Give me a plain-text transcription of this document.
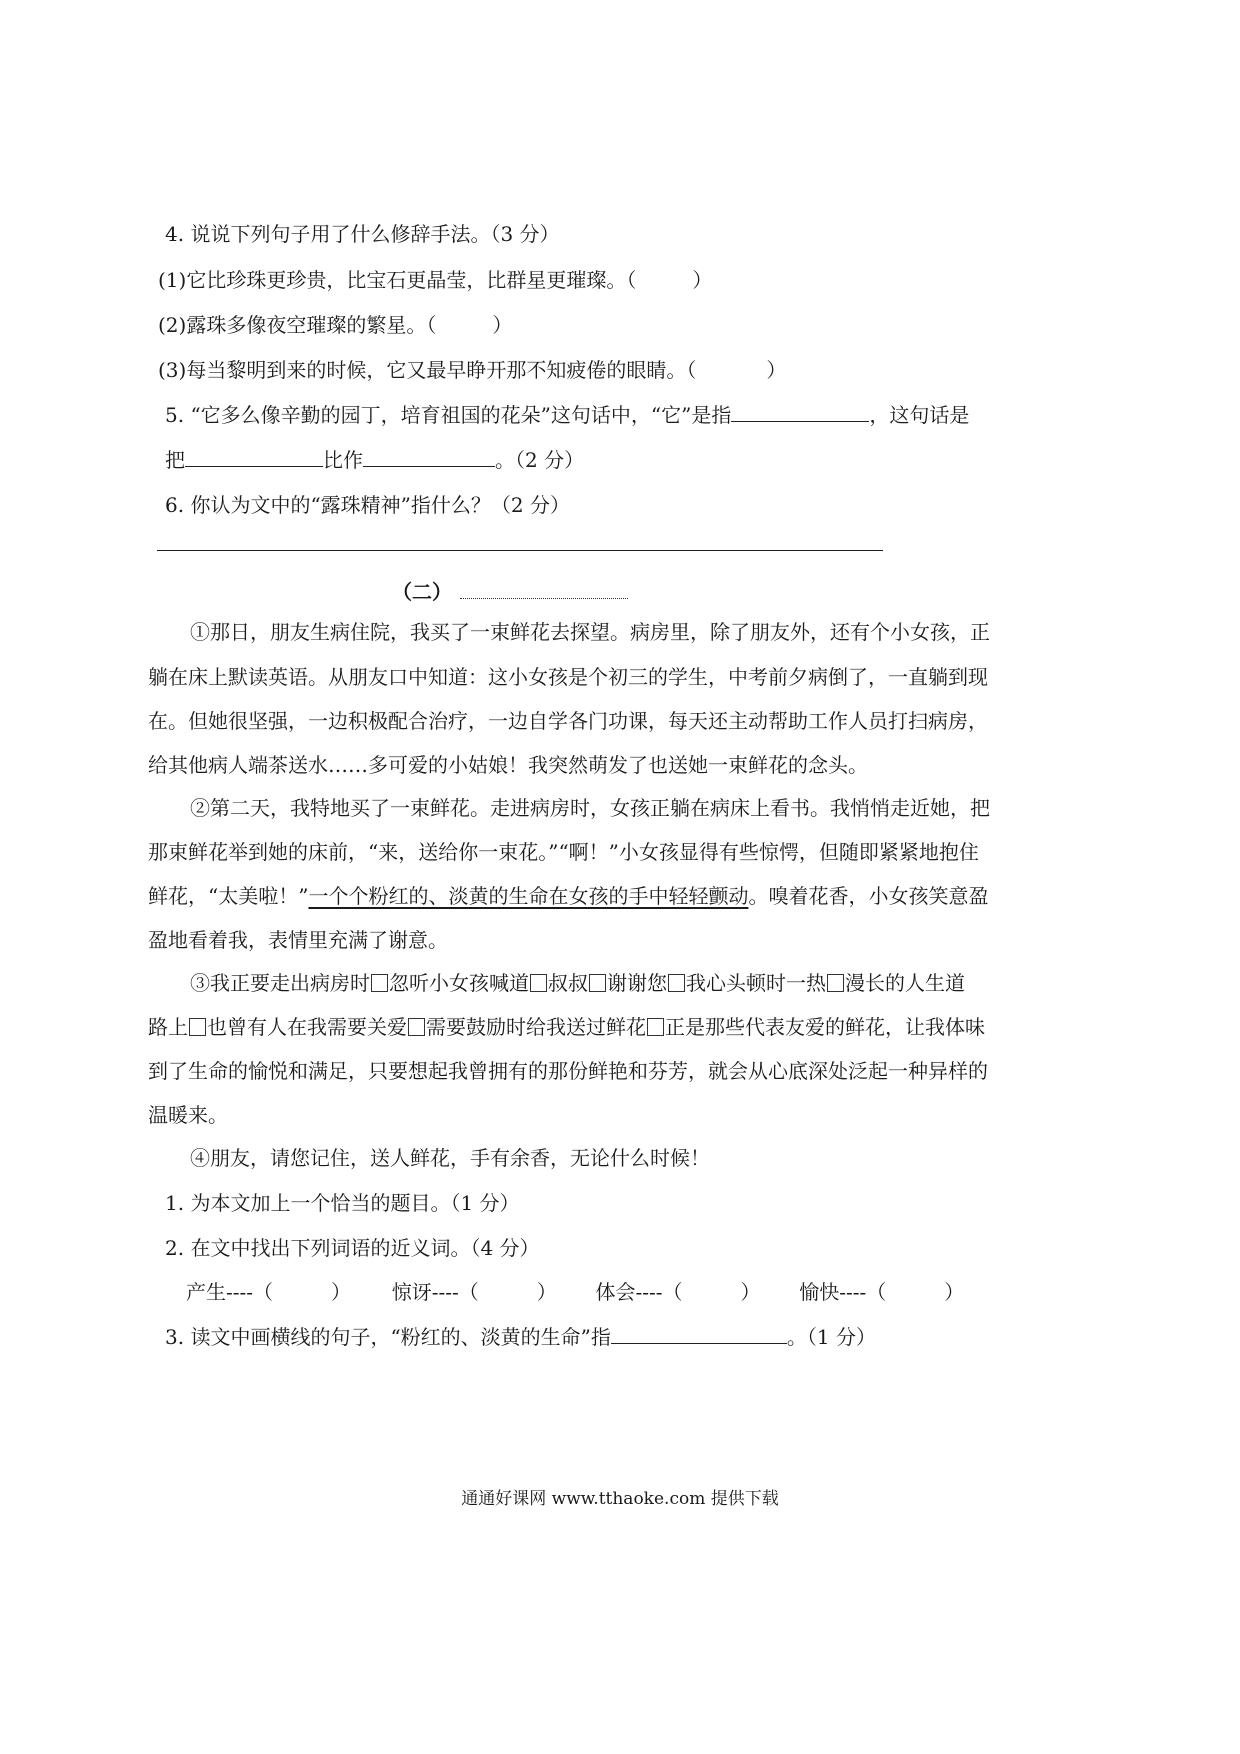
4. 说说下列句子用了什么修辞手法。（3 分）
(1)它比珍珠更珍贵，比宝石更晶莹，比群星更璀璨。（	）
(2)露珠多像夜空璀璨的繁星。（	）
(3)每当黎明到来的时候，它又最早睁开那不知疲倦的眼睛。（	）
5. “它多么像辛勤的园丁，培育祖国的花朵”这句话中，“它”是指	，这句话是
把	比作	。（2 分）
6. 你认为文中的“露珠精神”指什么？（2 分）
（二）
①那日，朋友生病住院，我买了一束鲜花去探望。病房里，除了朋友外，还有个小女孩，正
躺在床上默读英语。从朋友口中知道：这小女孩是个初三的学生，中考前夕病倒了，一直躺到现
在。但她很坚强，一边积极配合治疗，一边自学各门功课，每天还主动帮助工作人员打扫病房，
给其他病人端茶送水……多可爱的小姑娘！我突然萌发了也送她一束鲜花的念头。
②第二天，我特地买了一束鲜花。走进病房时，女孩正躺在病床上看书。我悄悄走近她，把
那束鲜花举到她的床前，“来，送给你一束花。”“啊！”小女孩显得有些惊愕，但随即紧紧地抱住
鲜花，“太美啦！”一个个粉红的、淡黄的生命在女孩的手中轻轻颤动。嗅着花香，小女孩笑意盈
盈地看着我，表情里充满了谢意。
③我正要走出病房时 忽听小女孩喊道 叔叔 谢谢您 我心头顿时一热 漫长的人生道
路上 也曾有人在我需要关爱 需要鼓励时给我送过鲜花 正是那些代表友爱的鲜花，让我体味
到了生命的愉悦和满足，只要想起我曾拥有的那份鲜艳和芬芳，就会从心底深处泛起一种异样的
温暖来。
④朋友，请您记住，送人鲜花，手有余香，无论什么时候！
1. 为本文加上一个恰当的题目。（1 分）
2. 在文中找出下列词语的近义词。（4 分）
产生----（	） 惊讶----（	） 体会----（	） 愉快----（	）
3. 读文中画横线的句子，“粉红的、淡黄的生命”指	。（1 分）
通通好课网 www.tthaoke.com 提供下载
